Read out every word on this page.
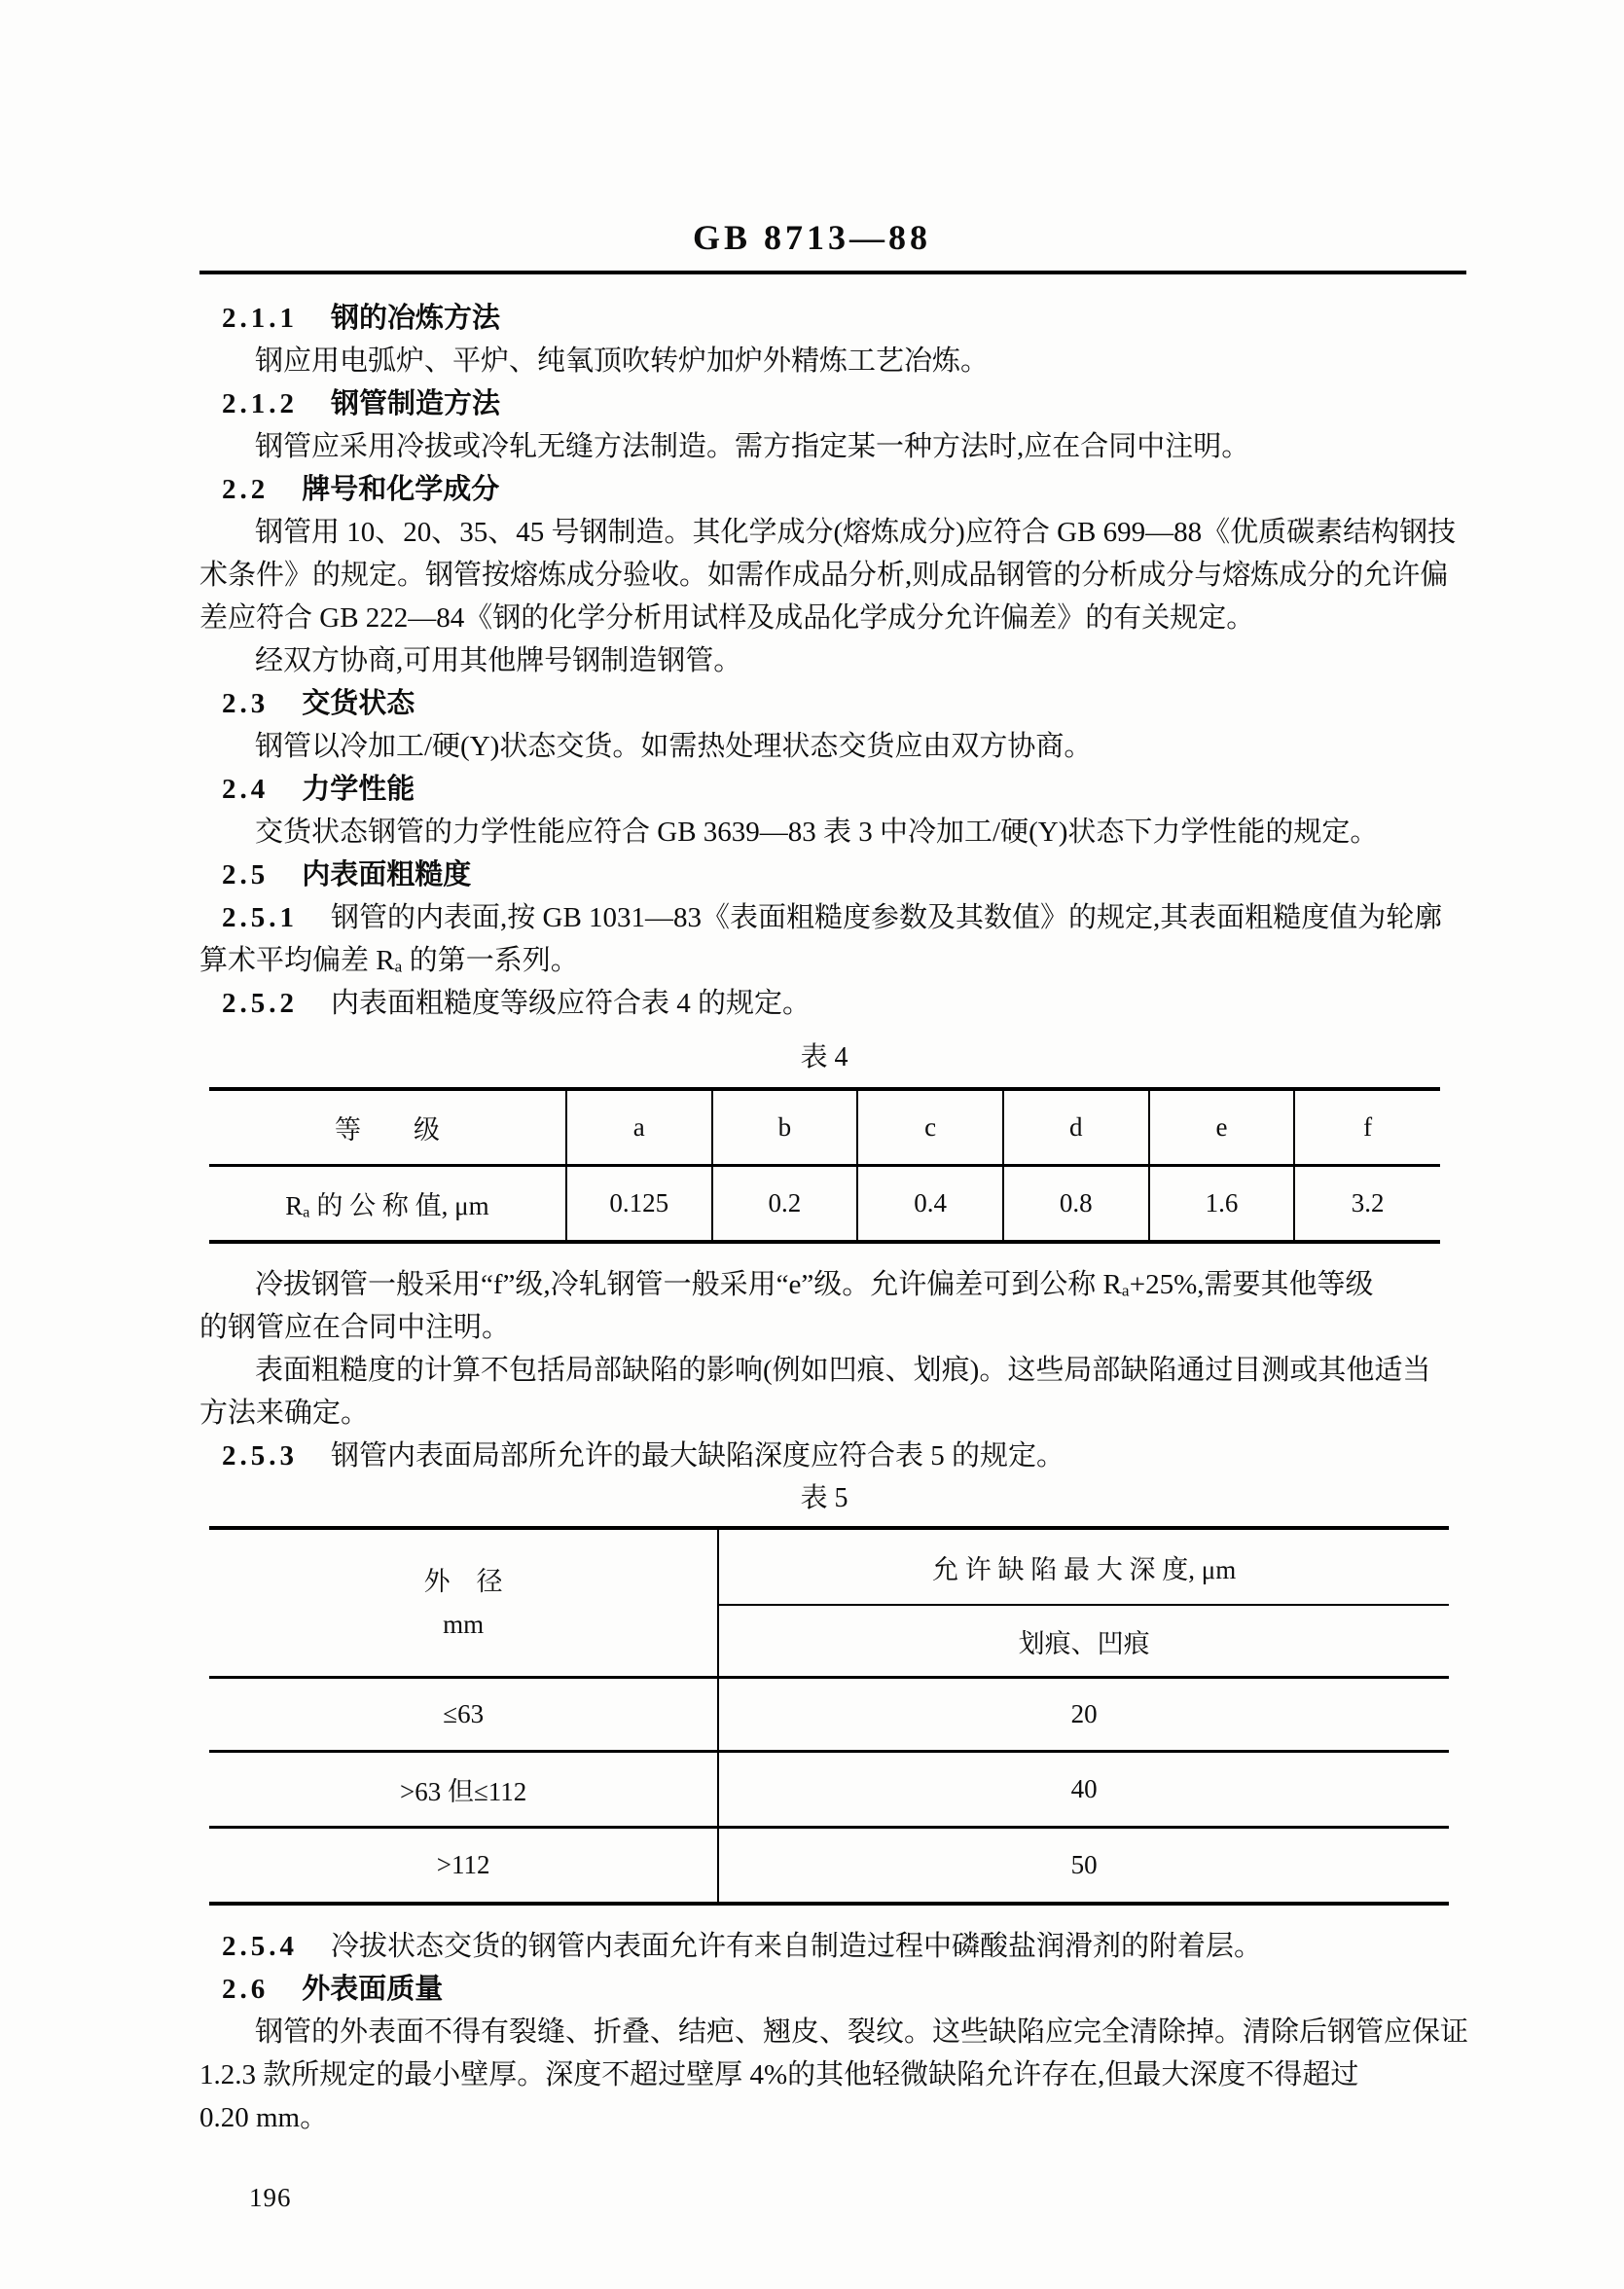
GB 8713—88
2.1.1 钢的冶炼方法
钢应用电弧炉、平炉、纯氧顶吹转炉加炉外精炼工艺冶炼。
2.1.2 钢管制造方法
钢管应采用冷拔或冷轧无缝方法制造。需方指定某一种方法时,应在合同中注明。
2.2 牌号和化学成分
钢管用 10、20、35、45 号钢制造。其化学成分(熔炼成分)应符合 GB 699—88《优质碳素结构钢技
术条件》的规定。钢管按熔炼成分验收。如需作成品分析,则成品钢管的分析成分与熔炼成分的允许偏
差应符合 GB 222—84《钢的化学分析用试样及成品化学成分允许偏差》的有关规定。
经双方协商,可用其他牌号钢制造钢管。
2.3 交货状态
钢管以冷加工/硬(Y)状态交货。如需热处理状态交货应由双方协商。
2.4 力学性能
交货状态钢管的力学性能应符合 GB 3639—83 表 3 中冷加工/硬(Y)状态下力学性能的规定。
2.5 内表面粗糙度
2.5.1 钢管的内表面,按 GB 1031—83《表面粗糙度参数及其数值》的规定,其表面粗糙度值为轮廓
算术平均偏差 Rₐ 的第一系列。
2.5.2 内表面粗糙度等级应符合表 4 的规定。
表 4
等　　级	a	b	c	d	e	f
Rₐ 的 公 称 值, μm	0.125	0.2	0.4	0.8	1.6	3.2
冷拔钢管一般采用“f”级,冷轧钢管一般采用“e”级。允许偏差可到公称 Rₐ+25%,需要其他等级
的钢管应在合同中注明。
表面粗糙度的计算不包括局部缺陷的影响(例如凹痕、划痕)。这些局部缺陷通过目测或其他适当
方法来确定。
2.5.3 钢管内表面局部所允许的最大缺陷深度应符合表 5 的规定。
表 5
外　径
mm	允 许 缺 陷 最 大 深 度, μm
	划痕、凹痕
≤63	20
>63 但≤112	40
>112	50
2.5.4 冷拔状态交货的钢管内表面允许有来自制造过程中磷酸盐润滑剂的附着层。
2.6 外表面质量
钢管的外表面不得有裂缝、折叠、结疤、翘皮、裂纹。这些缺陷应完全清除掉。清除后钢管应保证
1.2.3 款所规定的最小壁厚。深度不超过壁厚 4%的其他轻微缺陷允许存在,但最大深度不得超过
0.20 mm。
196
